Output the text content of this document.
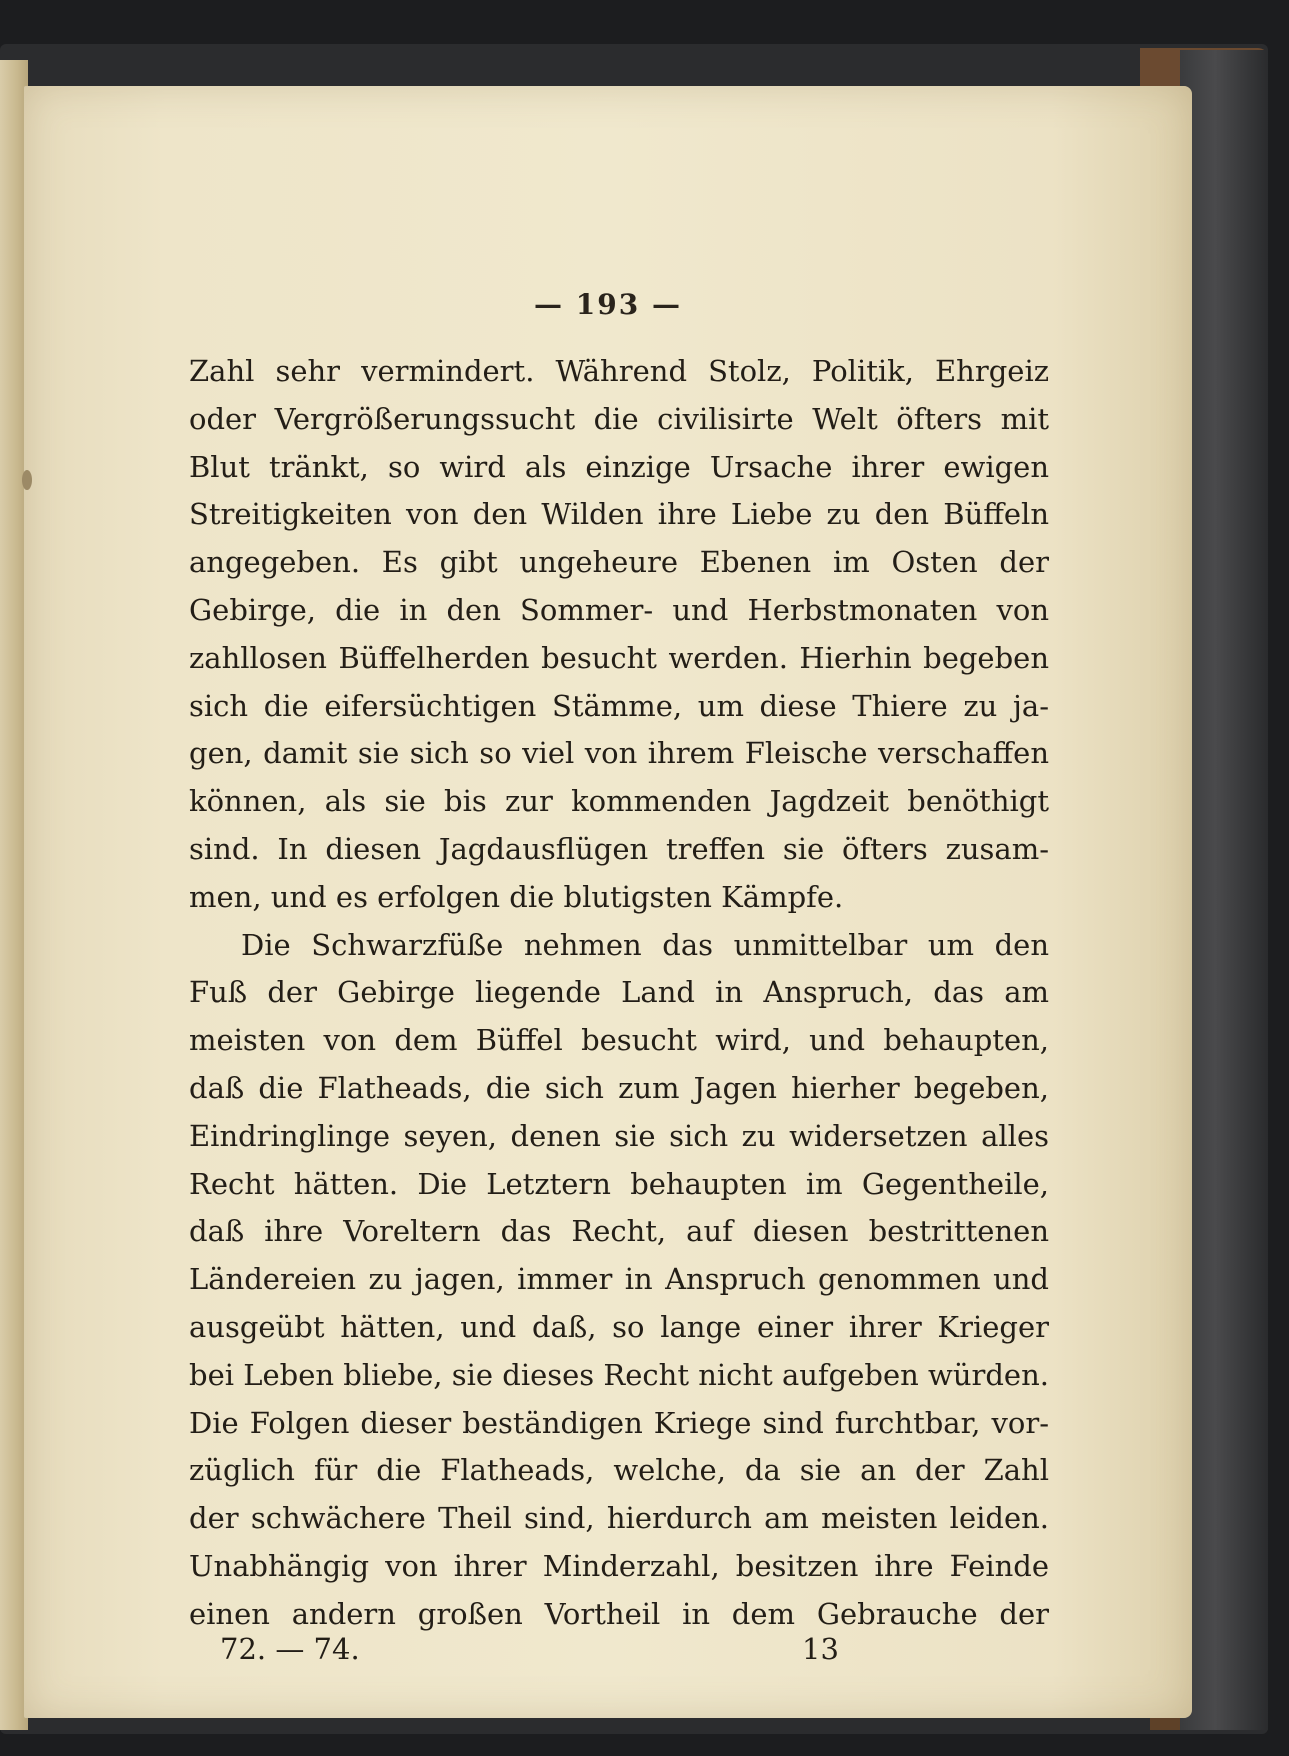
— 193 —
Zahl sehr vermindert. Während Stolz, Politik, Ehrgeiz
oder Vergrößerungssucht die civilisirte Welt öfters mit
Blut tränkt, so wird als einzige Ursache ihrer ewigen
Streitigkeiten von den Wilden ihre Liebe zu den Büffeln
angegeben. Es gibt ungeheure Ebenen im Osten der
Gebirge, die in den Sommer- und Herbstmonaten von
zahllosen Büffelherden besucht werden. Hierhin begeben
sich die eifersüchtigen Stämme, um diese Thiere zu ja-
gen, damit sie sich so viel von ihrem Fleische verschaffen
können, als sie bis zur kommenden Jagdzeit benöthigt
sind. In diesen Jagdausflügen treffen sie öfters zusam-
men, und es erfolgen die blutigsten Kämpfe.
Die Schwarzfüße nehmen das unmittelbar um den
Fuß der Gebirge liegende Land in Anspruch, das am
meisten von dem Büffel besucht wird, und behaupten,
daß die Flatheads, die sich zum Jagen hierher begeben,
Eindringlinge seyen, denen sie sich zu widersetzen alles
Recht hätten. Die Letztern behaupten im Gegentheile,
daß ihre Voreltern das Recht, auf diesen bestrittenen
Ländereien zu jagen, immer in Anspruch genommen und
ausgeübt hätten, und daß, so lange einer ihrer Krieger
bei Leben bliebe, sie dieses Recht nicht aufgeben würden.
Die Folgen dieser beständigen Kriege sind furchtbar, vor-
züglich für die Flatheads, welche, da sie an der Zahl
der schwächere Theil sind, hierdurch am meisten leiden.
Unabhängig von ihrer Minderzahl, besitzen ihre Feinde
einen andern großen Vortheil in dem Gebrauche der
72. — 74.	13
